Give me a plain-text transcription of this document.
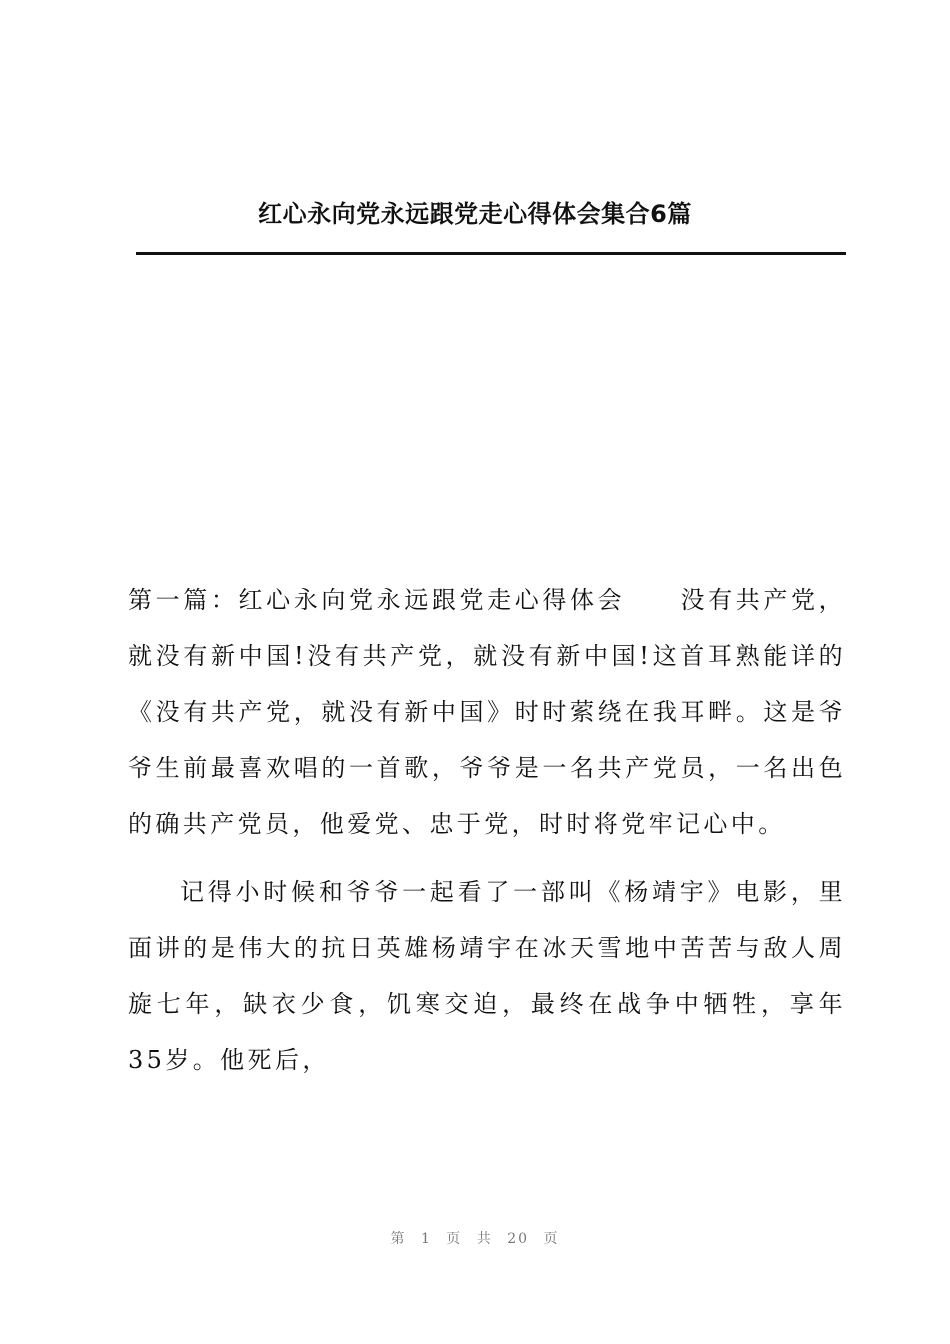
红心永向党永远跟党走心得体会集合6篇

第一篇：红心永向党永远跟党走心得体会　　没有共产党，就没有新中国!没有共产党，就没有新中国!这首耳熟能详的《没有共产党，就没有新中国》时时萦绕在我耳畔。这是爷爷生前最喜欢唱的一首歌，爷爷是一名共产党员，一名出色的确共产党员，他爱党、忠于党，时时将党牢记心中。

记得小时候和爷爷一起看了一部叫《杨靖宇》电影，里面讲的是伟大的抗日英雄杨靖宇在冰天雪地中苦苦与敌人周旋七年，缺衣少食，饥寒交迫，最终在战争中牺牲，享年35岁。他死后，

第 1 页 共 20 页
